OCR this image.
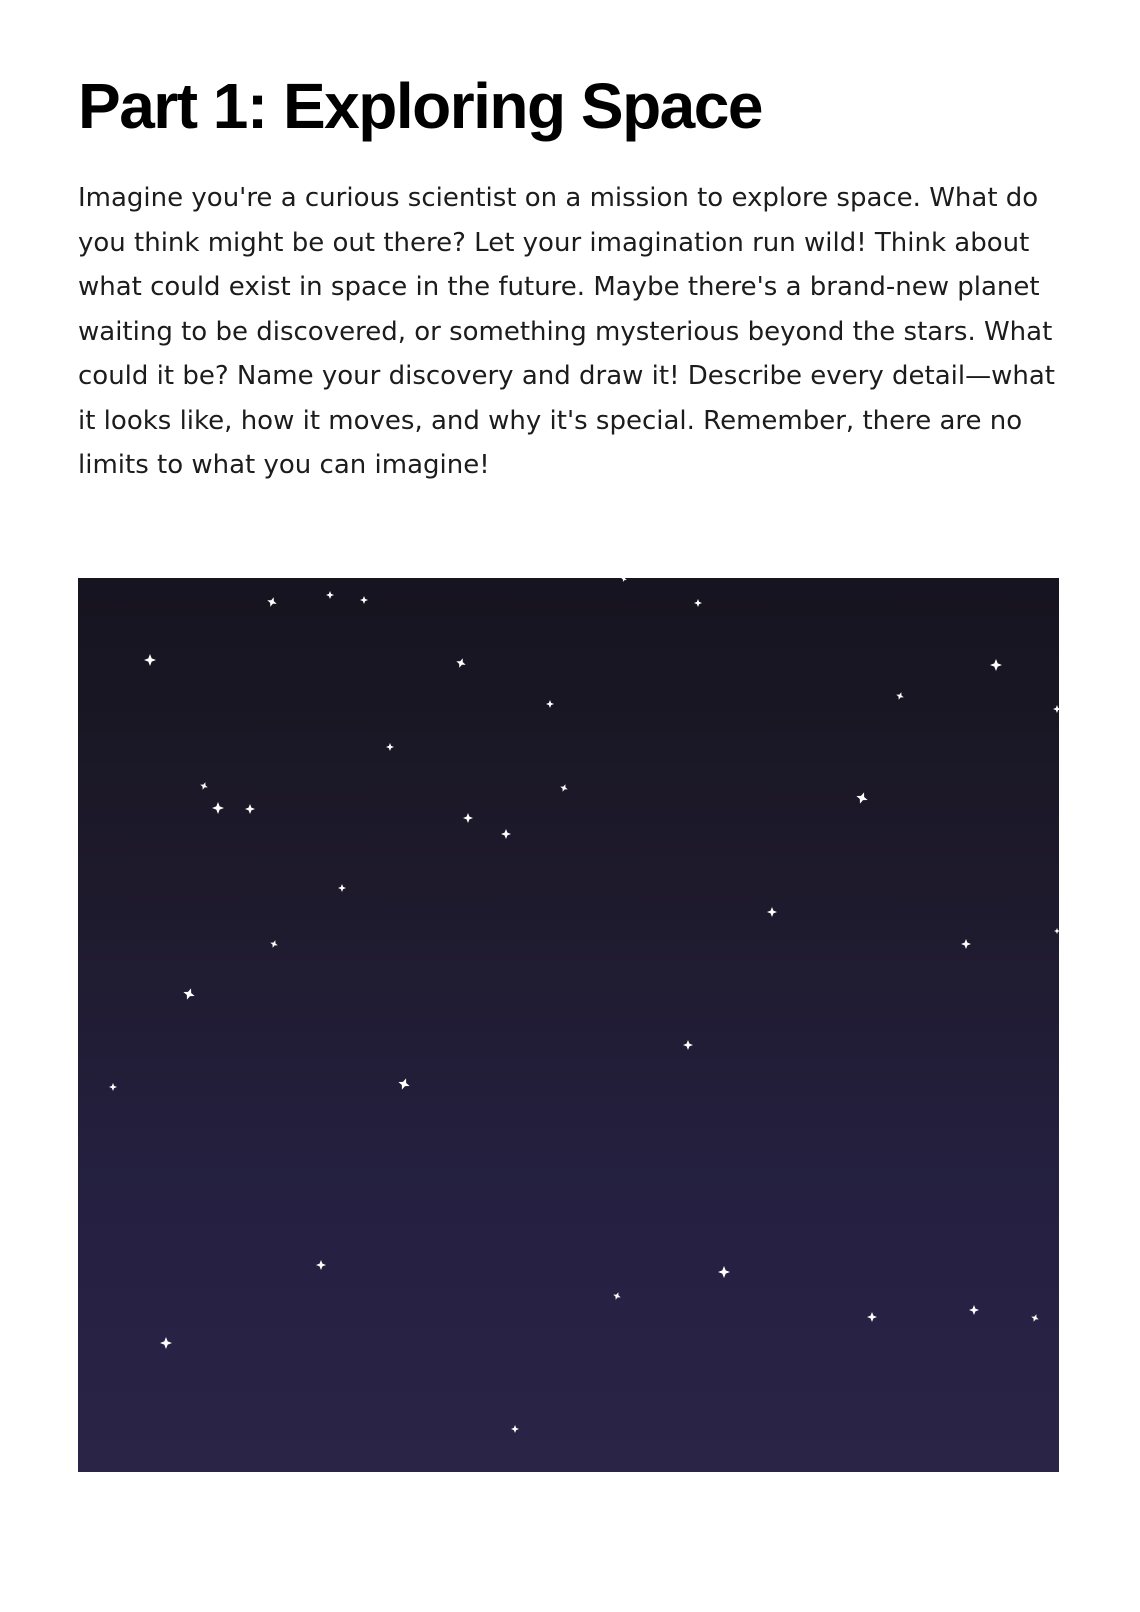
Part 1: Exploring Space

Imagine you're a curious scientist on a mission to explore space. What do you think might be out there? Let your imagination run wild! Think about what could exist in space in the future. Maybe there's a brand-new planet waiting to be discovered, or something mysterious beyond the stars. What could it be? Name your discovery and draw it! Describe every detail—what it looks like, how it moves, and why it's special. Remember, there are no limits to what you can imagine!
